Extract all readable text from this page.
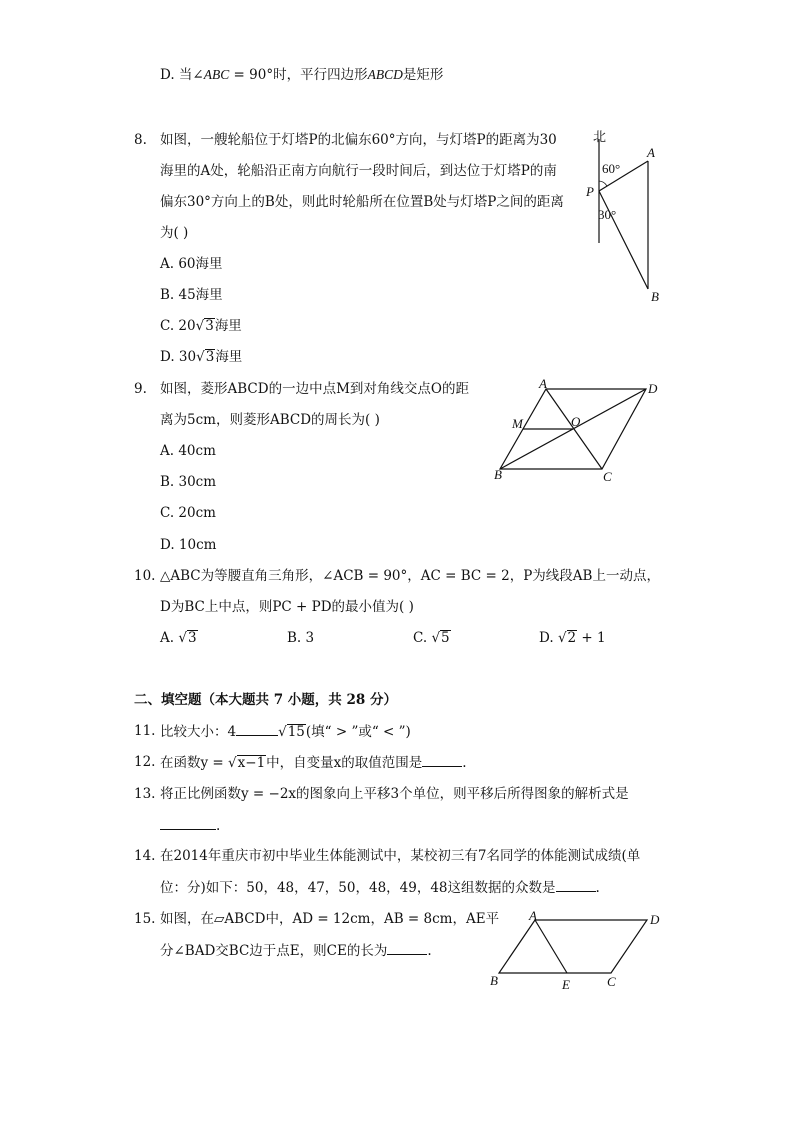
D. 当∠ABC = 90°时，平行四边形ABCD是矩形
8. 如图，一艘轮船位于灯塔P的北偏东60°方向，与灯塔P的距离为30
海里的A处，轮船沿正南方向航行一段时间后，到达位于灯塔P的南
偏东30°方向上的B处，则此时轮船所在位置B处与灯塔P之间的距离
为( )
A. 60海里
B. 45海里
C. 20√3海里
D. 30√3海里
北
60°
30°
P
A
B
9. 如图，菱形ABCD的一边中点M到对角线交点O的距
离为5cm，则菱形ABCD的周长为( )
A. 40cm
B. 30cm
C. 20cm
D. 10cm
A	D
B	C
M	O
10. △ABC为等腰直角三角形，∠ACB = 90°，AC = BC = 2，P为线段AB上一动点，
D为BC上中点，则PC + PD的最小值为( )
A. √3	B. 3	C. √5	D. √2 + 1
二、填空题（本大题共 7 小题，共 28 分）
11. 比较大小：4	√15(填“ > ”或“ < ”)
12. 在函数y = √x−1中，自变量x的取值范围是	.
13. 将正比例函数y = −2x的图象向上平移3个单位，则平移后所得图象的解析式是
.
14. 在2014年重庆市初中毕业生体能测试中，某校初三有7名同学的体能测试成绩(单
位：分)如下：50，48，47，50，48，49，48这组数据的众数是	.
15. 如图，在▱ABCD中，AD = 12cm，AB = 8cm，AE平
分∠BAD交BC边于点E，则CE的长为	.
A	D
B	E	C
